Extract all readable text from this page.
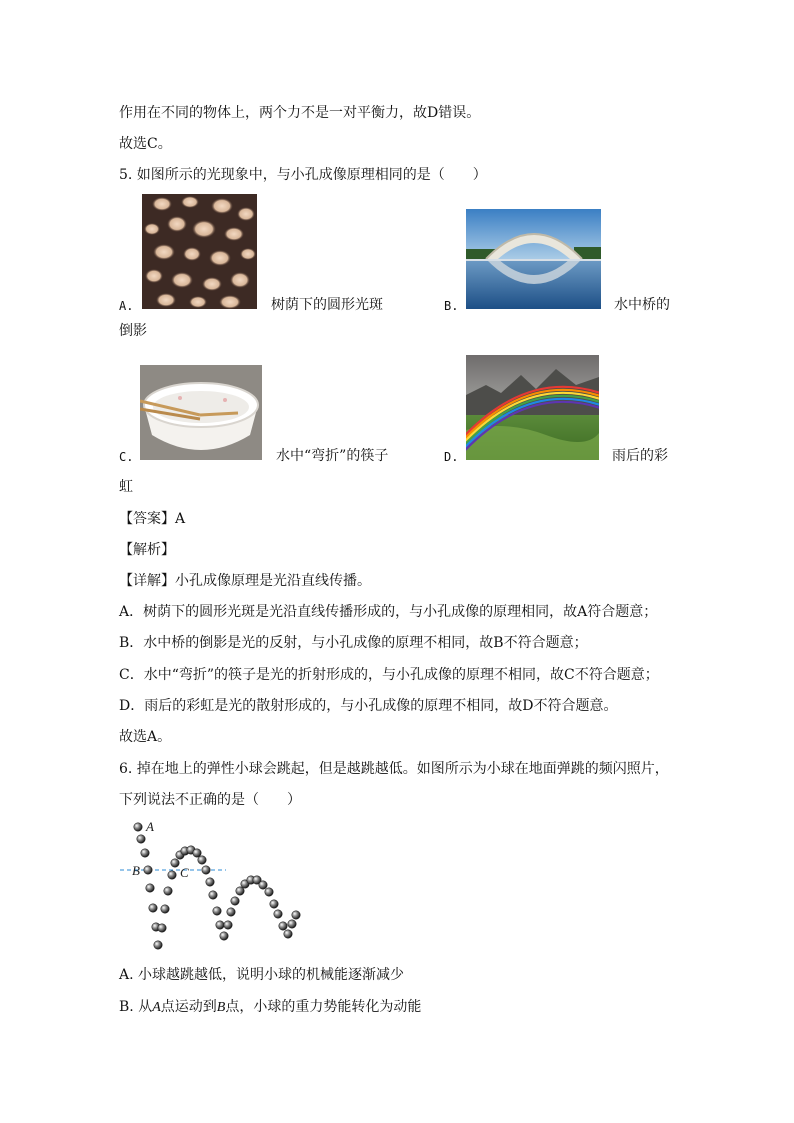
作用在不同的物体上，两个力不是一对平衡力，故D错误。
故选C。
5. 如图所示的光现象中，与小孔成像原理相同的是（　　）
A.	树荫下的圆形光斑	B.	水中桥的
倒影
C.	水中“弯折”的筷子	D.	雨后的彩
虹
【答案】A
【解析】
【详解】小孔成像原理是光沿直线传播。
A．树荫下的圆形光斑是光沿直线传播形成的，与小孔成像的原理相同，故A符合题意；
B．水中桥的倒影是光的反射，与小孔成像的原理不相同，故B不符合题意；
C．水中“弯折”的筷子是光的折射形成的，与小孔成像的原理不相同，故C不符合题意；
D．雨后的彩虹是光的散射形成的，与小孔成像的原理不相同，故D不符合题意。
故选A。
6. 掉在地上的弹性小球会跳起，但是越跳越低。如图所示为小球在地面弹跳的频闪照片，
下列说法不正确的是（　　）
A
B	C
A. 小球越跳越低，说明小球的机械能逐渐减少
B. 从A点运动到B点，小球的重力势能转化为动能
